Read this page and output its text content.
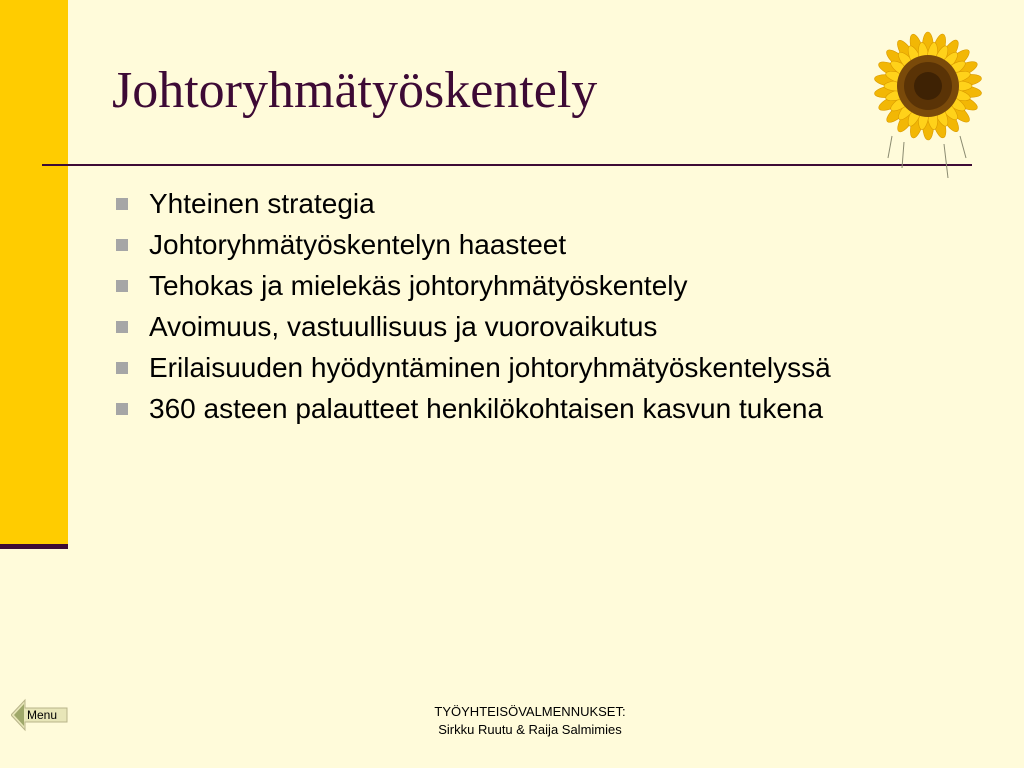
Johtoryhmätyöskentely
Yhteinen strategia
Johtoryhmätyöskentelyn haasteet
Tehokas ja mielekäs johtoryhmätyöskentely
Avoimuus, vastuullisuus ja vuorovaikutus
Erilaisuuden hyödyntäminen johtoryhmätyöskentelyssä
360 asteen palautteet henkilökohtaisen kasvun tukena
Menu	TYÖYHTEISÖVALMENNUKSET:
Sirkku Ruutu & Raija Salmimies
